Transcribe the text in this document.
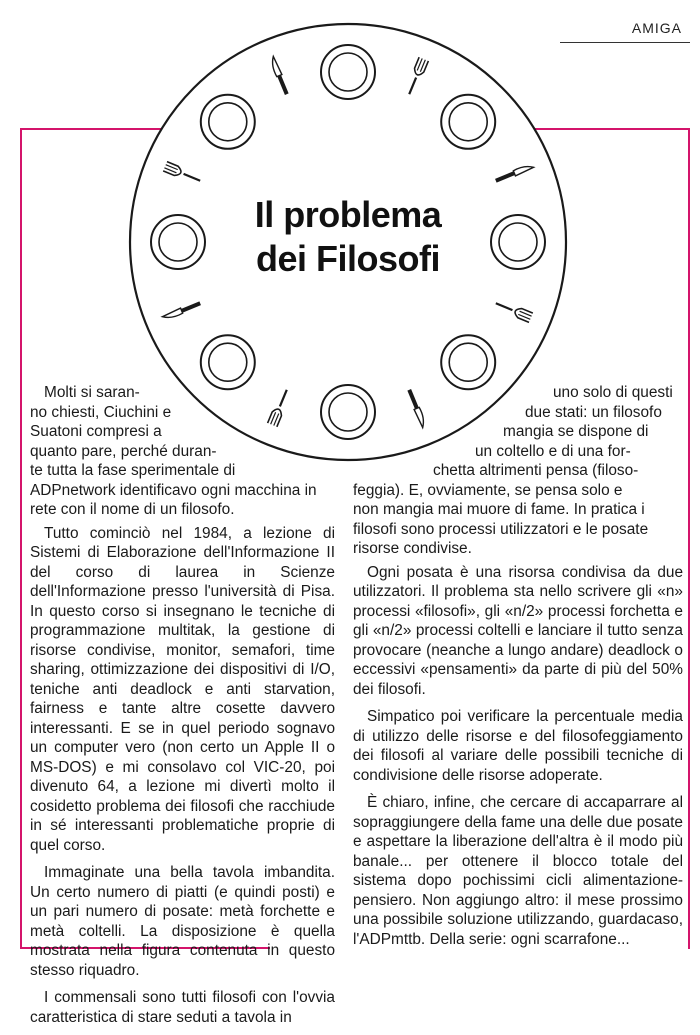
AMIGA
Il problema
dei Filosofi

Molti si saran-
no chiesti, Ciuchini e
Suatoni compresi a
quanto pare, perché duran-
te tutta la fase sperimentale di
ADPnetwork identificavo ogni macchina in
rete con il nome di un filosofo.

Tutto cominciò nel 1984, a lezione di Sistemi di Elaborazione dell'Informazione II del corso di laurea in Scienze dell'Informazione presso l'università di Pisa. In questo corso si insegnano le tecniche di programmazione multitak, la gestione di risorse condivise, monitor, semafori, time sharing, ottimizzazione dei dispositivi di I/O, teniche anti deadlock e anti starvation, fairness e tante altre cosette davvero interessanti. E se in quel periodo sognavo un computer vero (non certo un Apple II o MS-DOS) e mi consolavo col VIC-20, poi divenuto 64, a lezione mi divertì molto il cosidetto problema dei filosofi che racchiude in sé interessanti problematiche proprie di quel corso.

Immaginate una bella tavola imbandita. Un certo numero di piatti (e quindi posti) e un pari numero di posate: metà forchette e metà coltelli. La disposizione è quella mostrata nella figura contenuta in questo stesso riquadro.

I commensali sono tutti filosofi con l'ovvia caratteristica di stare seduti a tavola in

uno solo di questi
due stati: un filosofo
mangia se dispone di
un coltello e di una for-
chetta altrimenti pensa (filoso-
feggia). E, ovviamente, se pensa solo e
non mangia mai muore di fame. In pratica i
filosofi sono processi utilizzatori e le posate
risorse condivise.

Ogni posata è una risorsa condivisa da due utilizzatori. Il problema sta nello scrivere gli «n» processi «filosofi», gli «n/2» processi forchetta e gli «n/2» processi coltelli e lanciare il tutto senza provocare (neanche a lungo andare) deadlock o eccessivi «pensamenti» da parte di più del 50% dei filosofi.

Simpatico poi verificare la percentuale media di utilizzo delle risorse e del filosofeggiamento dei filosofi al variare delle possibili tecniche di condivisione delle risorse adoperate.

È chiaro, infine, che cercare di accaparrare al sopraggiungere della fame una delle due posate e aspettare la liberazione dell'altra è il modo più banale... per ottenere il blocco totale del sistema dopo pochissimi cicli alimentazione-pensiero. Non aggiungo altro: il mese prossimo una possibile soluzione utilizzando, guardacaso, l'ADPmttb. Della serie: ogni scarrafone...
